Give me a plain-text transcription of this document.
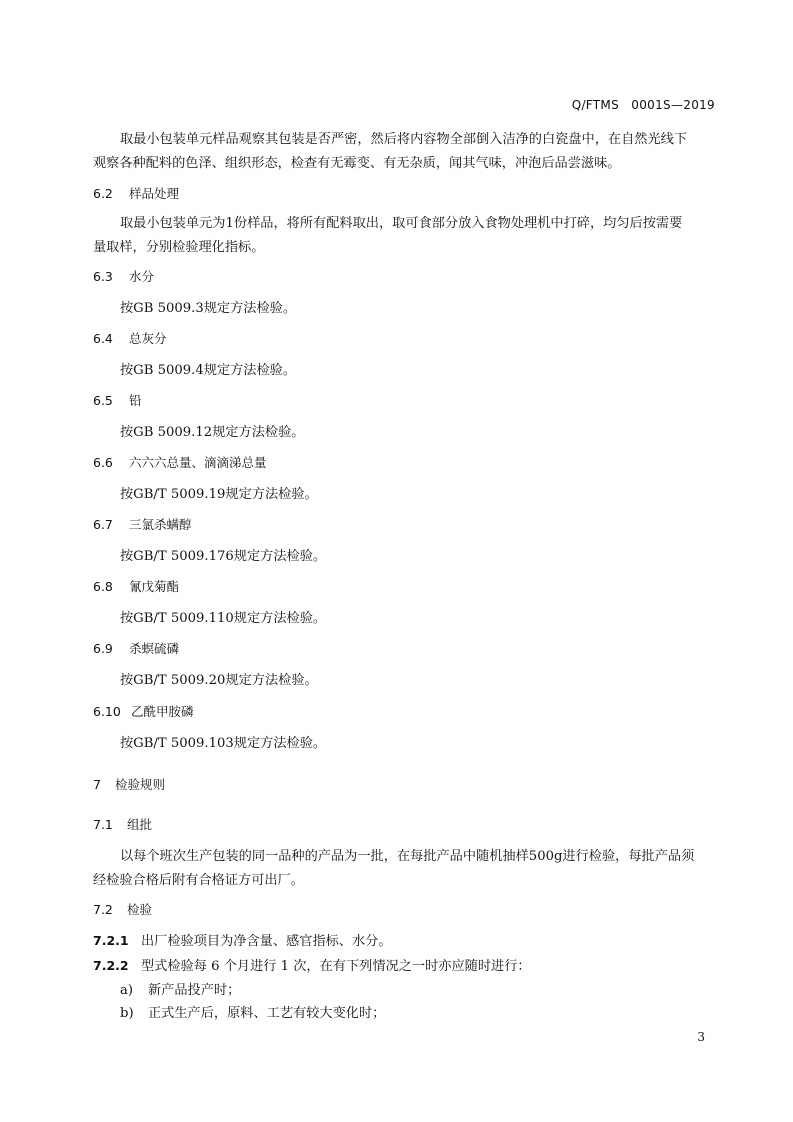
Q/FTMS　0001S—2019
取最小包装单元样品观察其包装是否严密，然后将内容物全部倒入洁净的白瓷盘中，在自然光线下
观察各种配料的色泽、组织形态，检查有无霉变、有无杂质，闻其气味，冲泡后品尝滋味。
6.2 样品处理
取最小包装单元为1份样品，将所有配料取出，取可食部分放入食物处理机中打碎，均匀后按需要
量取样，分别检验理化指标。
6.3 水分
按GB 5009.3规定方法检验。
6.4 总灰分
按GB 5009.4规定方法检验。
6.5 铅
按GB 5009.12规定方法检验。
6.6 六六六总量、滴滴涕总量
按GB/T 5009.19规定方法检验。
6.7 三氯杀螨醇
按GB/T 5009.176规定方法检验。
6.8 氰戊菊酯
按GB/T 5009.110规定方法检验。
6.9 杀螟硫磷
按GB/T 5009.20规定方法检验。
6.10 乙酰甲胺磷
按GB/T 5009.103规定方法检验。
7 检验规则
7.1 组批
以每个班次生产包装的同一品种的产品为一批，在每批产品中随机抽样500g进行检验，每批产品须
经检验合格后附有合格证方可出厂。
7.2 检验
7.2.1 出厂检验项目为净含量、感官指标、水分。
7.2.2 型式检验每 6 个月进行 1 次，在有下列情况之一时亦应随时进行：
a) 新产品投产时；
b) 正式生产后，原料、工艺有较大变化时；
3
